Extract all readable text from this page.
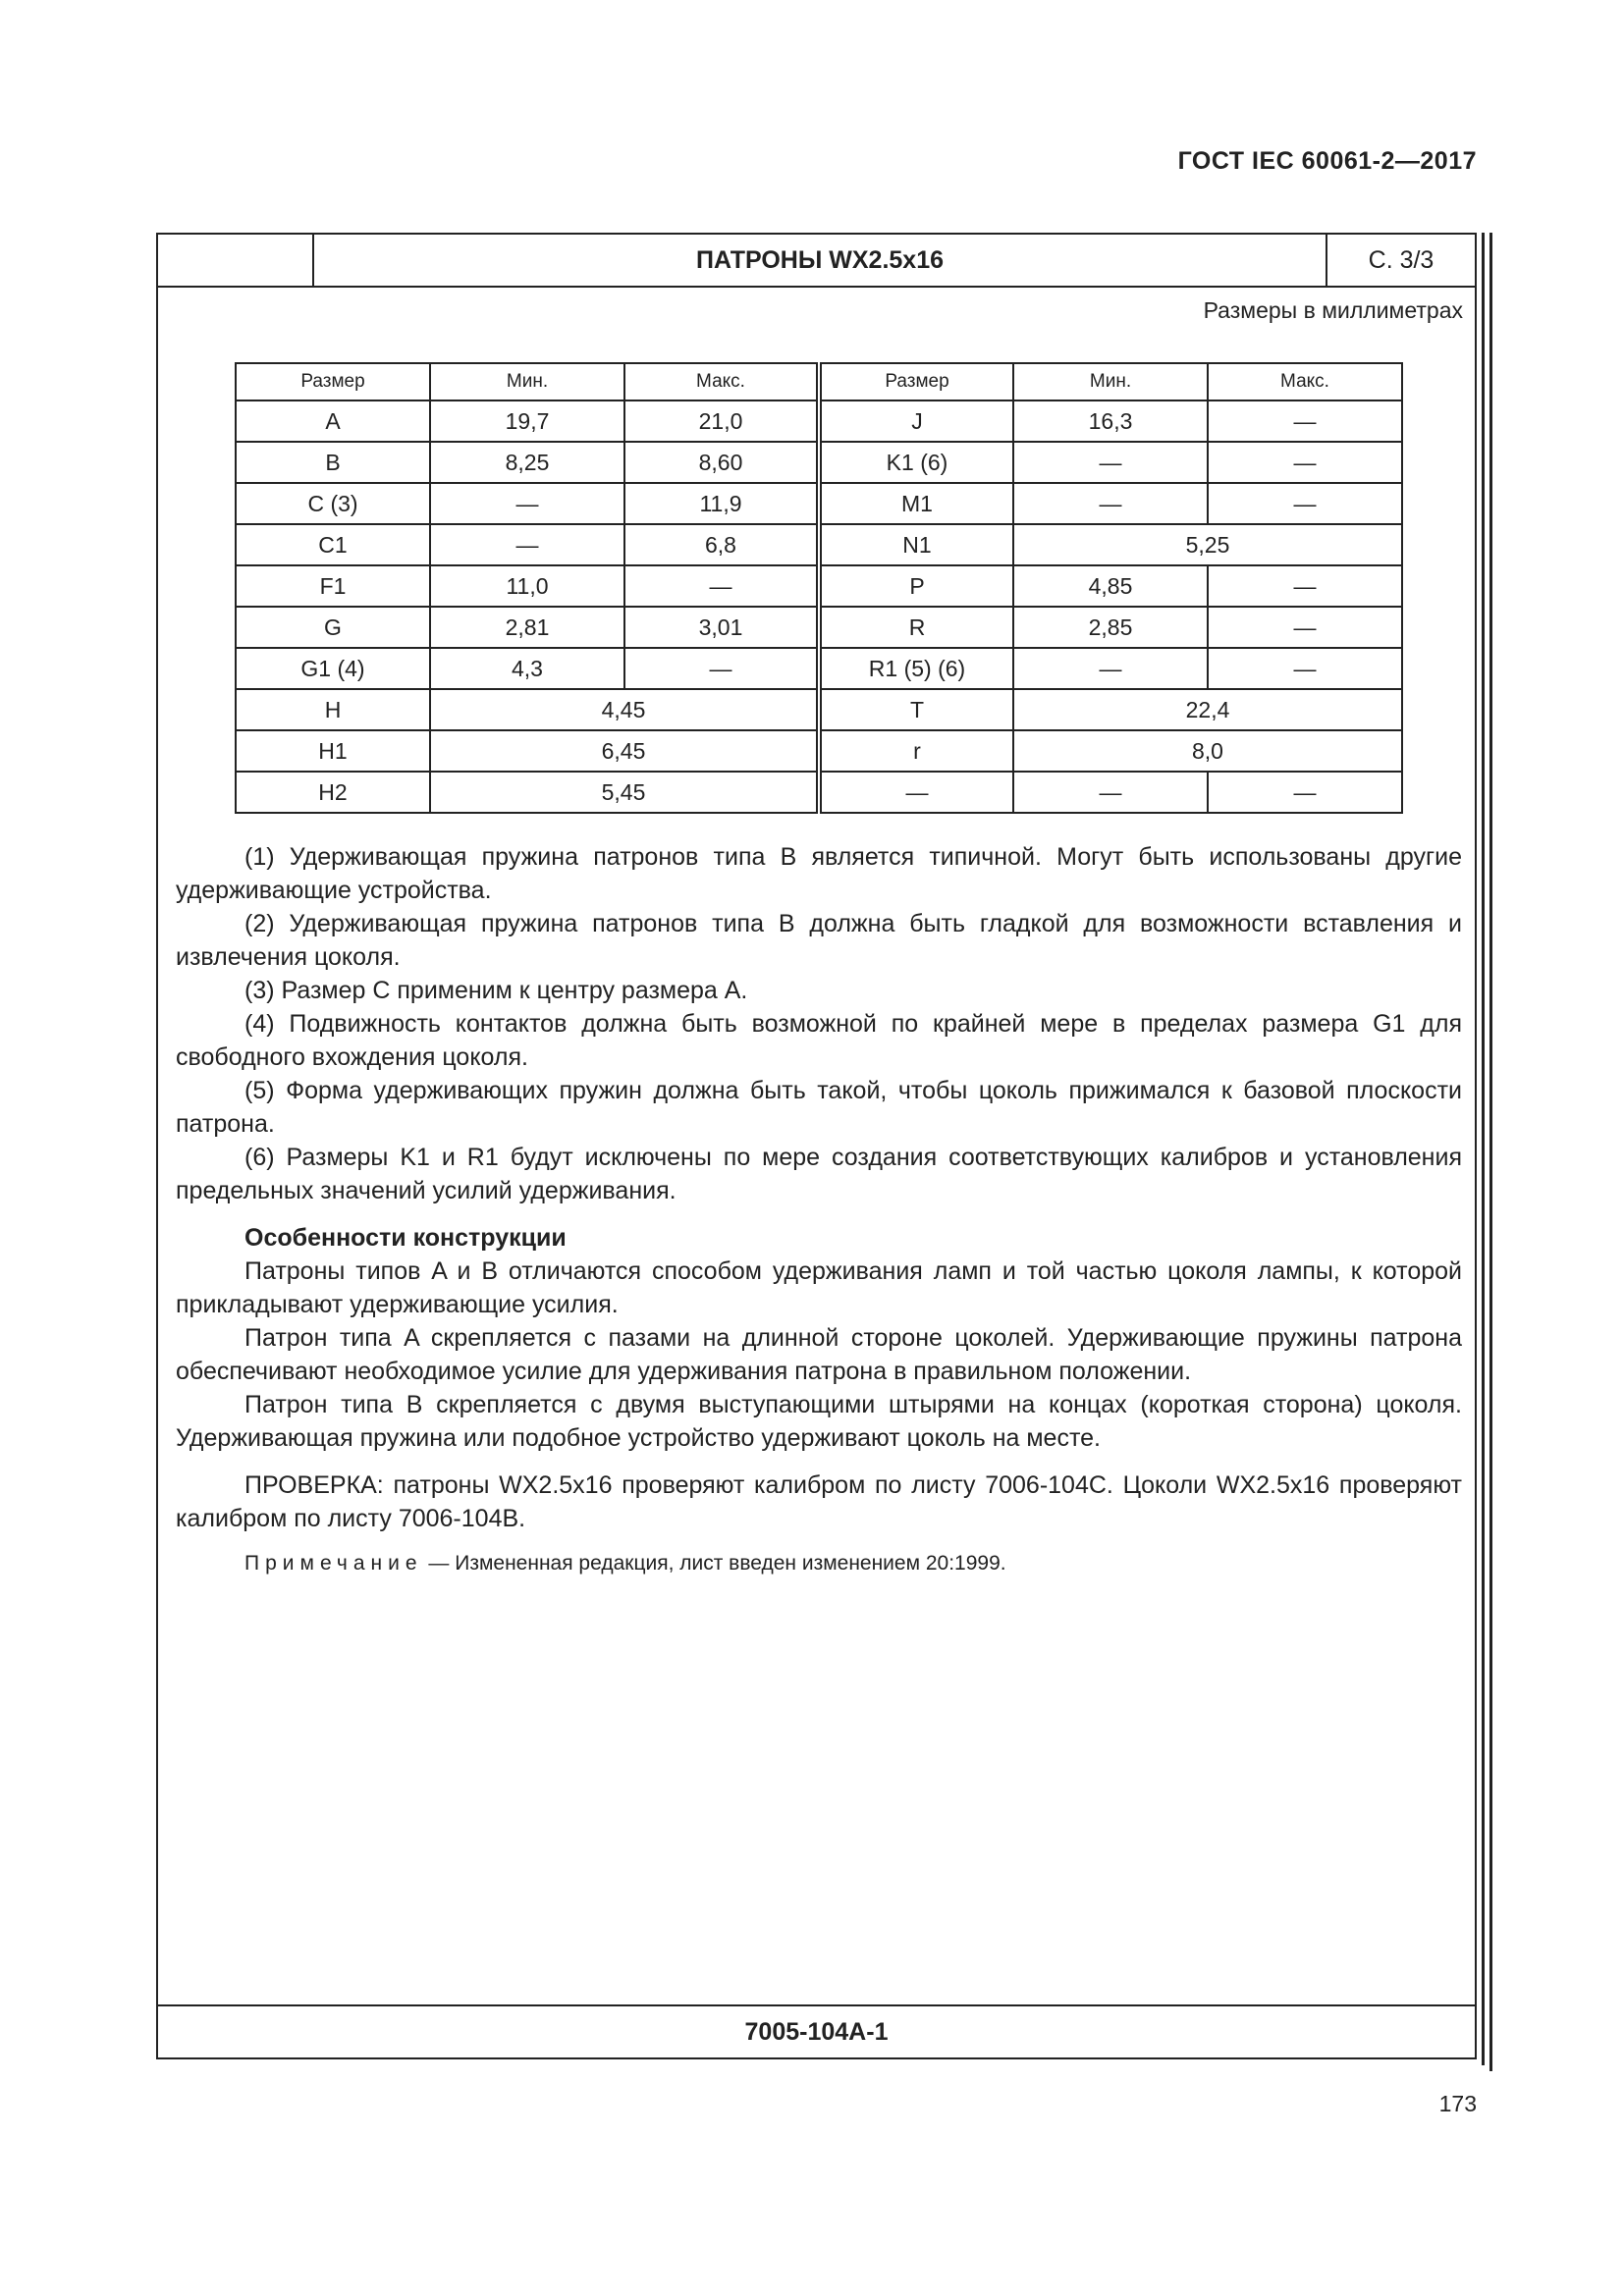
ГОСТ IEC 60061-2—2017
ПАТРОНЫ WX2.5x16	С. 3/3
Размеры в миллиметрах
Размер	Мин.	Макс.	Размер	Мин.	Макс.
A	19,7	21,0	J	16,3	—
B	8,25	8,60	K1 (6)	—	—
C (3)	—	11,9	M1	—	—
C1	—	6,8	N1	5,25	
F1	11,0	—	P	4,85	—
G	2,81	3,01	R	2,85	—
G1 (4)	4,3	—	R1 (5) (6)	—	—
H	4,45		T	22,4	
H1	6,45		r	8,0	
H2	5,45		—	—	—

(1) Удерживающая пружина патронов типа B является типичной. Могут быть использованы другие удерживающие устройства.

(2) Удерживающая пружина патронов типа B должна быть гладкой для возможности вставления и извлечения цоколя.

(3) Размер C применим к центру размера A.

(4) Подвижность контактов должна быть возможной по крайней мере в пределах размера G1 для свободного вхождения цоколя.

(5) Форма удерживающих пружин должна быть такой, чтобы цоколь прижимался к базовой плоскости патрона.

(6) Размеры K1 и R1 будут исключены по мере создания соответствующих калибров и установления предельных значений усилий удерживания.

Особенности конструкции

Патроны типов A и B отличаются способом удерживания ламп и той частью цоколя лампы, к которой прикладывают удерживающие усилия.

Патрон типа A скрепляется с пазами на длинной стороне цоколей. Удерживающие пружины патрона обеспечивают необходимое усилие для удерживания патрона в правильном положении.

Патрон типа B скрепляется с двумя выступающими штырями на концах (короткая сторона) цоколя. Удерживающая пружина или подобное устройство удерживают цоколь на месте.

ПРОВЕРКА: патроны WX2.5x16 проверяют калибром по листу 7006-104C. Цоколи WX2.5x16 проверяют калибром по листу 7006-104B.

Примечание — Измененная редакция, лист введен изменением 20:1999.

7005-104A-1
173
